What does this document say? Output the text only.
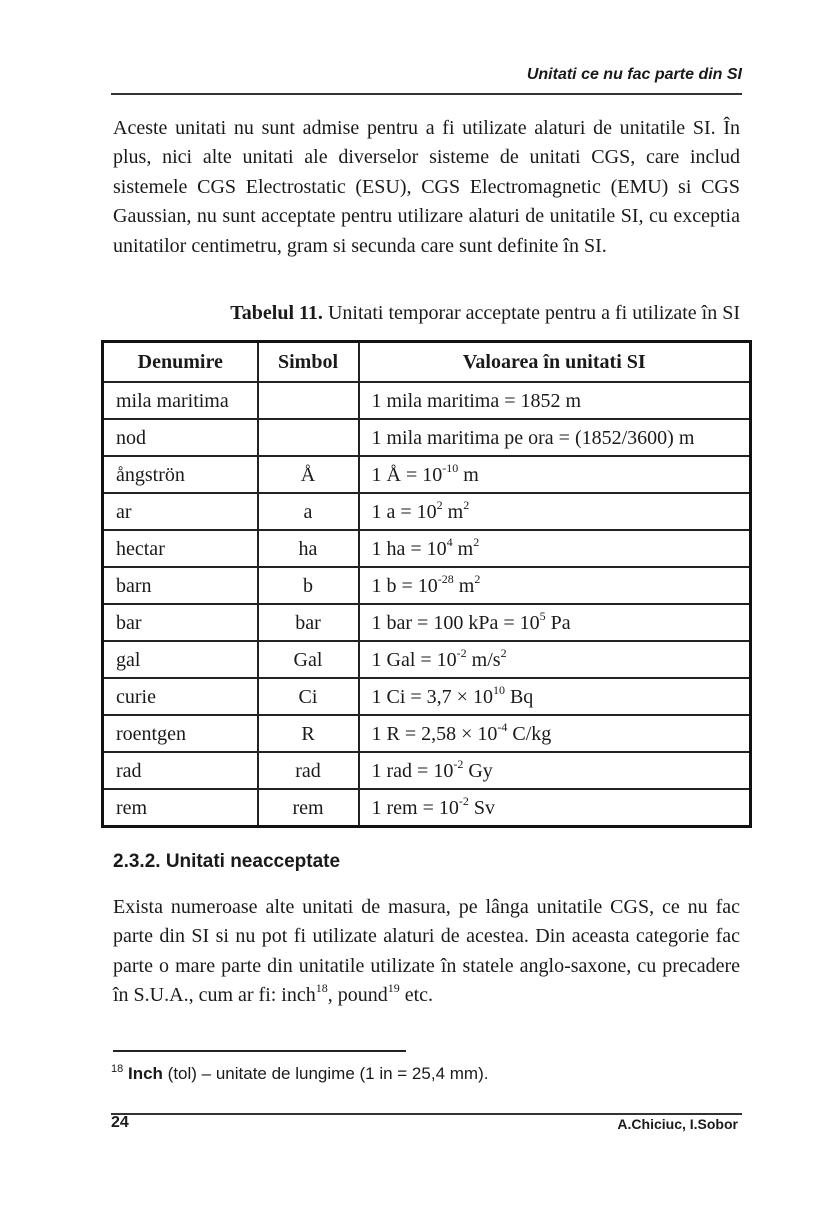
Unitati ce nu fac parte din SI

Aceste unitati nu sunt admise pentru a fi utilizate alaturi de unitatile SI. În plus, nici alte unitati ale diverselor sisteme de unitati CGS, care includ sistemele CGS Electrostatic (ESU), CGS Electromagnetic (EMU) si CGS Gaussian, nu sunt acceptate pentru utilizare alaturi de unitatile SI, cu exceptia unitatilor centimetru, gram si secunda care sunt definite în SI.

Tabelul 11. Unitati temporar acceptate pentru a fi utilizate în SI
Denumire	Simbol	Valoarea în unitati SI
mila maritima		1 mila maritima = 1852 m
nod		1 mila maritima pe ora = (1852/3600) m
ångströn	Å	1 Å = $10^{-10}$ m
ar	a	1 $a = 10^2$ $m^2$
hectar	ha	1 ha = $10^4$ $m^2$
barn	b	1 $b = 10^{-28}$ $m^2$
bar	bar	1 bar = 100 kPa = $10^5$ Pa
gal	Gal	1 Gal = $10^{-2}$ $m/s^2$
curie	Ci	1 $Ci = 3,7 \times 10^{10}$ Bq
roentgen	R	1 $R = 2,58 \times 10^{-4}$ C/kg
rad	rad	1 rad = $10^{-2}$ Gy
rem	rem	1 rem = $10^{-2}$ Sv
2.3.2. Unitati neacceptate

Exista numeroase alte unitati de masura, pe lânga unitatile CGS, ce nu fac parte din SI si nu pot fi utilizate alaturi de acestea. Din aceasta categorie fac parte o mare parte din unitatile utilizate în statele anglo-saxone, cu precadere în S.U.A., cum ar fi: inch$^{18}$, pound$^{19}$ etc.

$^{18}$ Inch (tol) – unitate de lungime (1 in = 25,4 mm).
24	A.Chiciuc, I.Sobor
